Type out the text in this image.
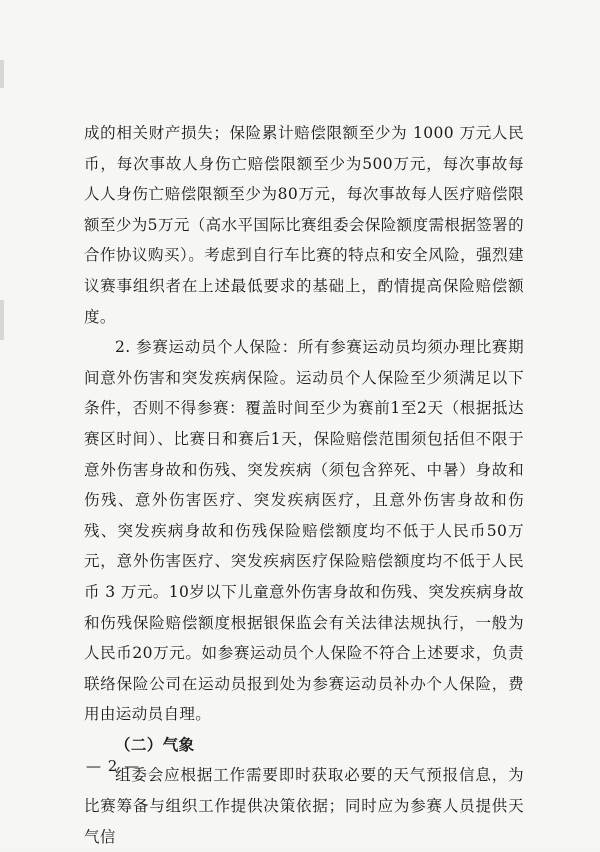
成的相关财产损失；保险累计赔偿限额至少为 1000 万元人民币，每次事故人身伤亡赔偿限额至少为500万元，每次事故每人人身伤亡赔偿限额至少为80万元，每次事故每人医疗赔偿限额至少为5万元（高水平国际比赛组委会保险额度需根据签署的合作协议购买）。考虑到自行车比赛的特点和安全风险，强烈建议赛事组织者在上述最低要求的基础上，酌情提高保险赔偿额度。

2. 参赛运动员个人保险：所有参赛运动员均须办理比赛期间意外伤害和突发疾病保险。运动员个人保险至少须满足以下条件，否则不得参赛：覆盖时间至少为赛前1至2天（根据抵达赛区时间）、比赛日和赛后1天，保险赔偿范围须包括但不限于意外伤害身故和伤残、突发疾病（须包含猝死、中暑）身故和伤残、意外伤害医疗、突发疾病医疗，且意外伤害身故和伤残、突发疾病身故和伤残保险赔偿额度均不低于人民币50万元，意外伤害医疗、突发疾病医疗保险赔偿额度均不低于人民币 3 万元。10岁以下儿童意外伤害身故和伤残、突发疾病身故和伤残保险赔偿额度根据银保监会有关法律法规执行，一般为人民币20万元。如参赛运动员个人保险不符合上述要求，负责联络保险公司在运动员报到处为参赛运动员补办个人保险，费用由运动员自理。

（二）气象

组委会应根据工作需要即时获取必要的天气预报信息，为比赛筹备与组织工作提供决策依据；同时应为参赛人员提供天气信

— 2 —
